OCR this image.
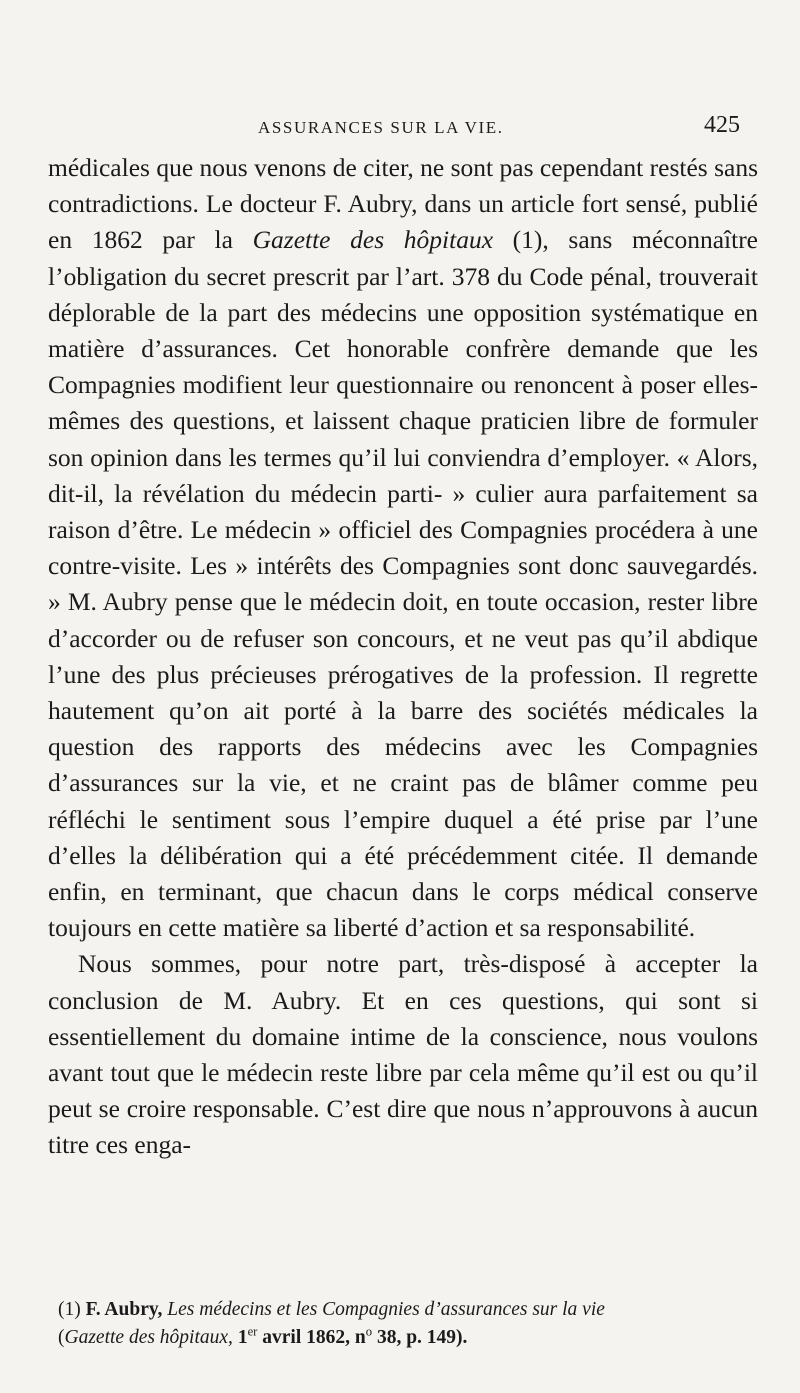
ASSURANCES SUR LA VIE.	425

médicales que nous venons de citer, ne sont pas cependant restés sans contradictions. Le docteur F. Aubry, dans un article fort sensé, publié en 1862 par la Gazette des hôpitaux (1), sans méconnaître l’obligation du secret prescrit par l’art. 378 du Code pénal, trouverait déplorable de la part des médecins une opposition systématique en matière d’assurances. Cet honorable confrère demande que les Compagnies modifient leur questionnaire ou renoncent à poser elles-mêmes des questions, et laissent chaque praticien libre de formuler son opinion dans les termes qu’il lui conviendra d’employer. « Alors, dit-il, la révélation du médecin parti- » culier aura parfaitement sa raison d’être. Le médecin » officiel des Compagnies procédera à une contre-visite. Les » intérêts des Compagnies sont donc sauvegardés. » M. Aubry pense que le médecin doit, en toute occasion, rester libre d’accorder ou de refuser son concours, et ne veut pas qu’il abdique l’une des plus précieuses prérogatives de la profession. Il regrette hautement qu’on ait porté à la barre des sociétés médicales la question des rapports des médecins avec les Compagnies d’assurances sur la vie, et ne craint pas de blâmer comme peu réfléchi le sentiment sous l’empire duquel a été prise par l’une d’elles la délibération qui a été précédemment citée. Il demande enfin, en terminant, que chacun dans le corps médical conserve toujours en cette matière sa liberté d’action et sa responsabilité.

Nous sommes, pour notre part, très-disposé à accepter la conclusion de M. Aubry. Et en ces questions, qui sont si essentiellement du domaine intime de la conscience, nous voulons avant tout que le médecin reste libre par cela même qu’il est ou qu’il peut se croire responsable. C’est dire que nous n’approuvons à aucun titre ces enga-

(1) F. Aubry, Les médecins et les Compagnies d’assurances sur la vie
(Gazette des hôpitaux, 1er avril 1862, $n^o$ 38, p. 149).
